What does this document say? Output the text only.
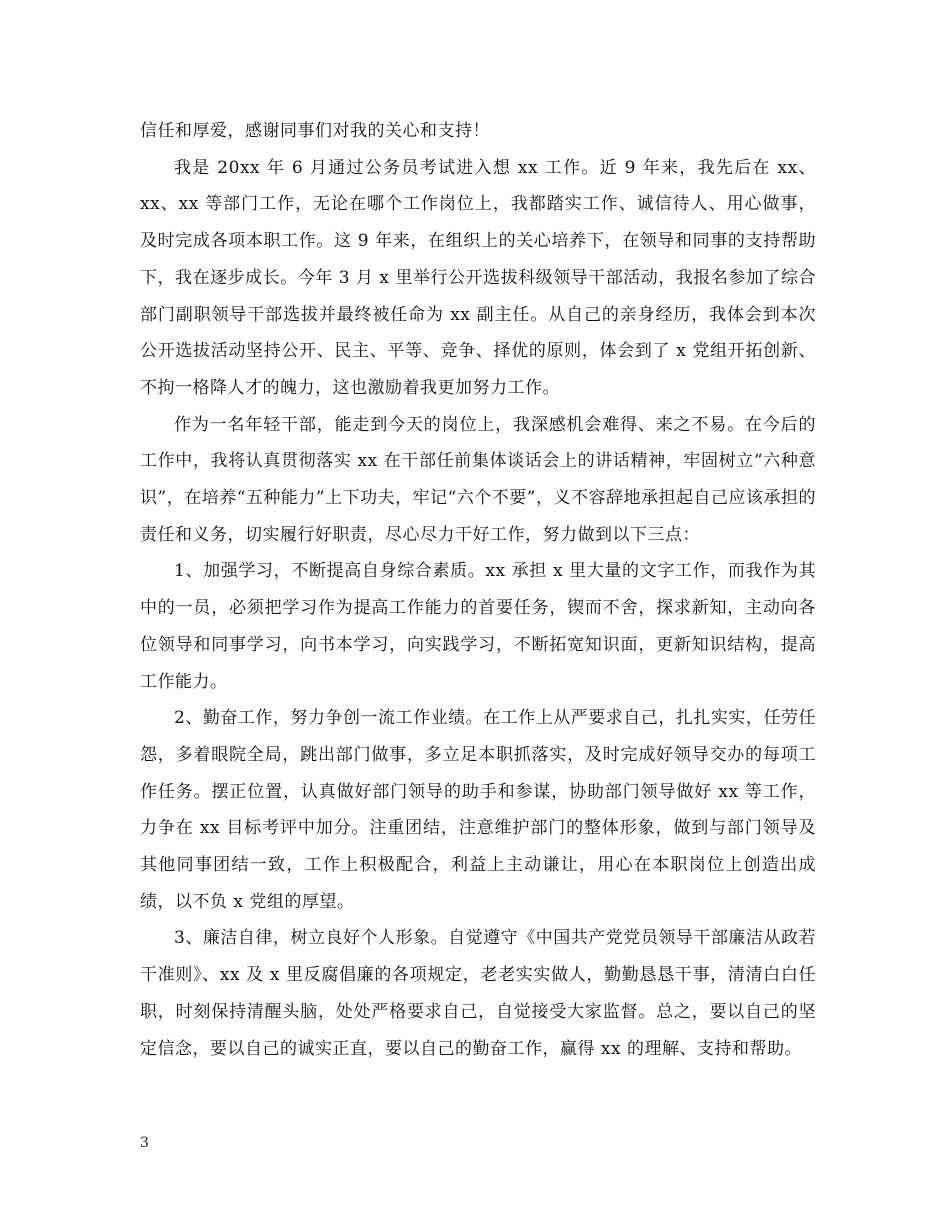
信任和厚爱，感谢同事们对我的关心和支持！

我是 20xx 年 6 月通过公务员考试进入想 xx 工作。近 9 年来，我先后在 xx、xx、xx 等部门工作，无论在哪个工作岗位上，我都踏实工作、诚信待人、用心做事，及时完成各项本职工作。这 9 年来，在组织上的关心培养下，在领导和同事的支持帮助下，我在逐步成长。今年 3 月 x 里举行公开选拔科级领导干部活动，我报名参加了综合部门副职领导干部选拔并最终被任命为 xx 副主任。从自己的亲身经历，我体会到本次公开选拔活动坚持公开、民主、平等、竞争、择优的原则，体会到了 x 党组开拓创新、不拘一格降人才的魄力，这也激励着我更加努力工作。

作为一名年轻干部，能走到今天的岗位上，我深感机会难得、来之不易。在今后的工作中，我将认真贯彻落实 xx 在干部任前集体谈话会上的讲话精神，牢固树立“六种意识”，在培养“五种能力”上下功夫，牢记“六个不要”，义不容辞地承担起自己应该承担的责任和义务，切实履行好职责，尽心尽力干好工作，努力做到以下三点：

1、加强学习，不断提高自身综合素质。xx 承担 x 里大量的文字工作，而我作为其中的一员，必须把学习作为提高工作能力的首要任务，锲而不舍，探求新知，主动向各位领导和同事学习，向书本学习，向实践学习，不断拓宽知识面，更新知识结构，提高工作能力。

2、勤奋工作，努力争创一流工作业绩。在工作上从严要求自己，扎扎实实，任劳任怨，多着眼院全局，跳出部门做事，多立足本职抓落实，及时完成好领导交办的每项工作任务。摆正位置，认真做好部门领导的助手和参谋，协助部门领导做好 xx 等工作，力争在 xx 目标考评中加分。注重团结，注意维护部门的整体形象，做到与部门领导及其他同事团结一致，工作上积极配合，利益上主动谦让，用心在本职岗位上创造出成绩，以不负 x 党组的厚望。

3、廉洁自律，树立良好个人形象。自觉遵守《中国共产党党员领导干部廉洁从政若干准则》、xx 及 x 里反腐倡廉的各项规定，老老实实做人，勤勤恳恳干事，清清白白任职，时刻保持清醒头脑，处处严格要求自己，自觉接受大家监督。总之，要以自己的坚定信念，要以自己的诚实正直，要以自己的勤奋工作，赢得 xx 的理解、支持和帮助。

3
